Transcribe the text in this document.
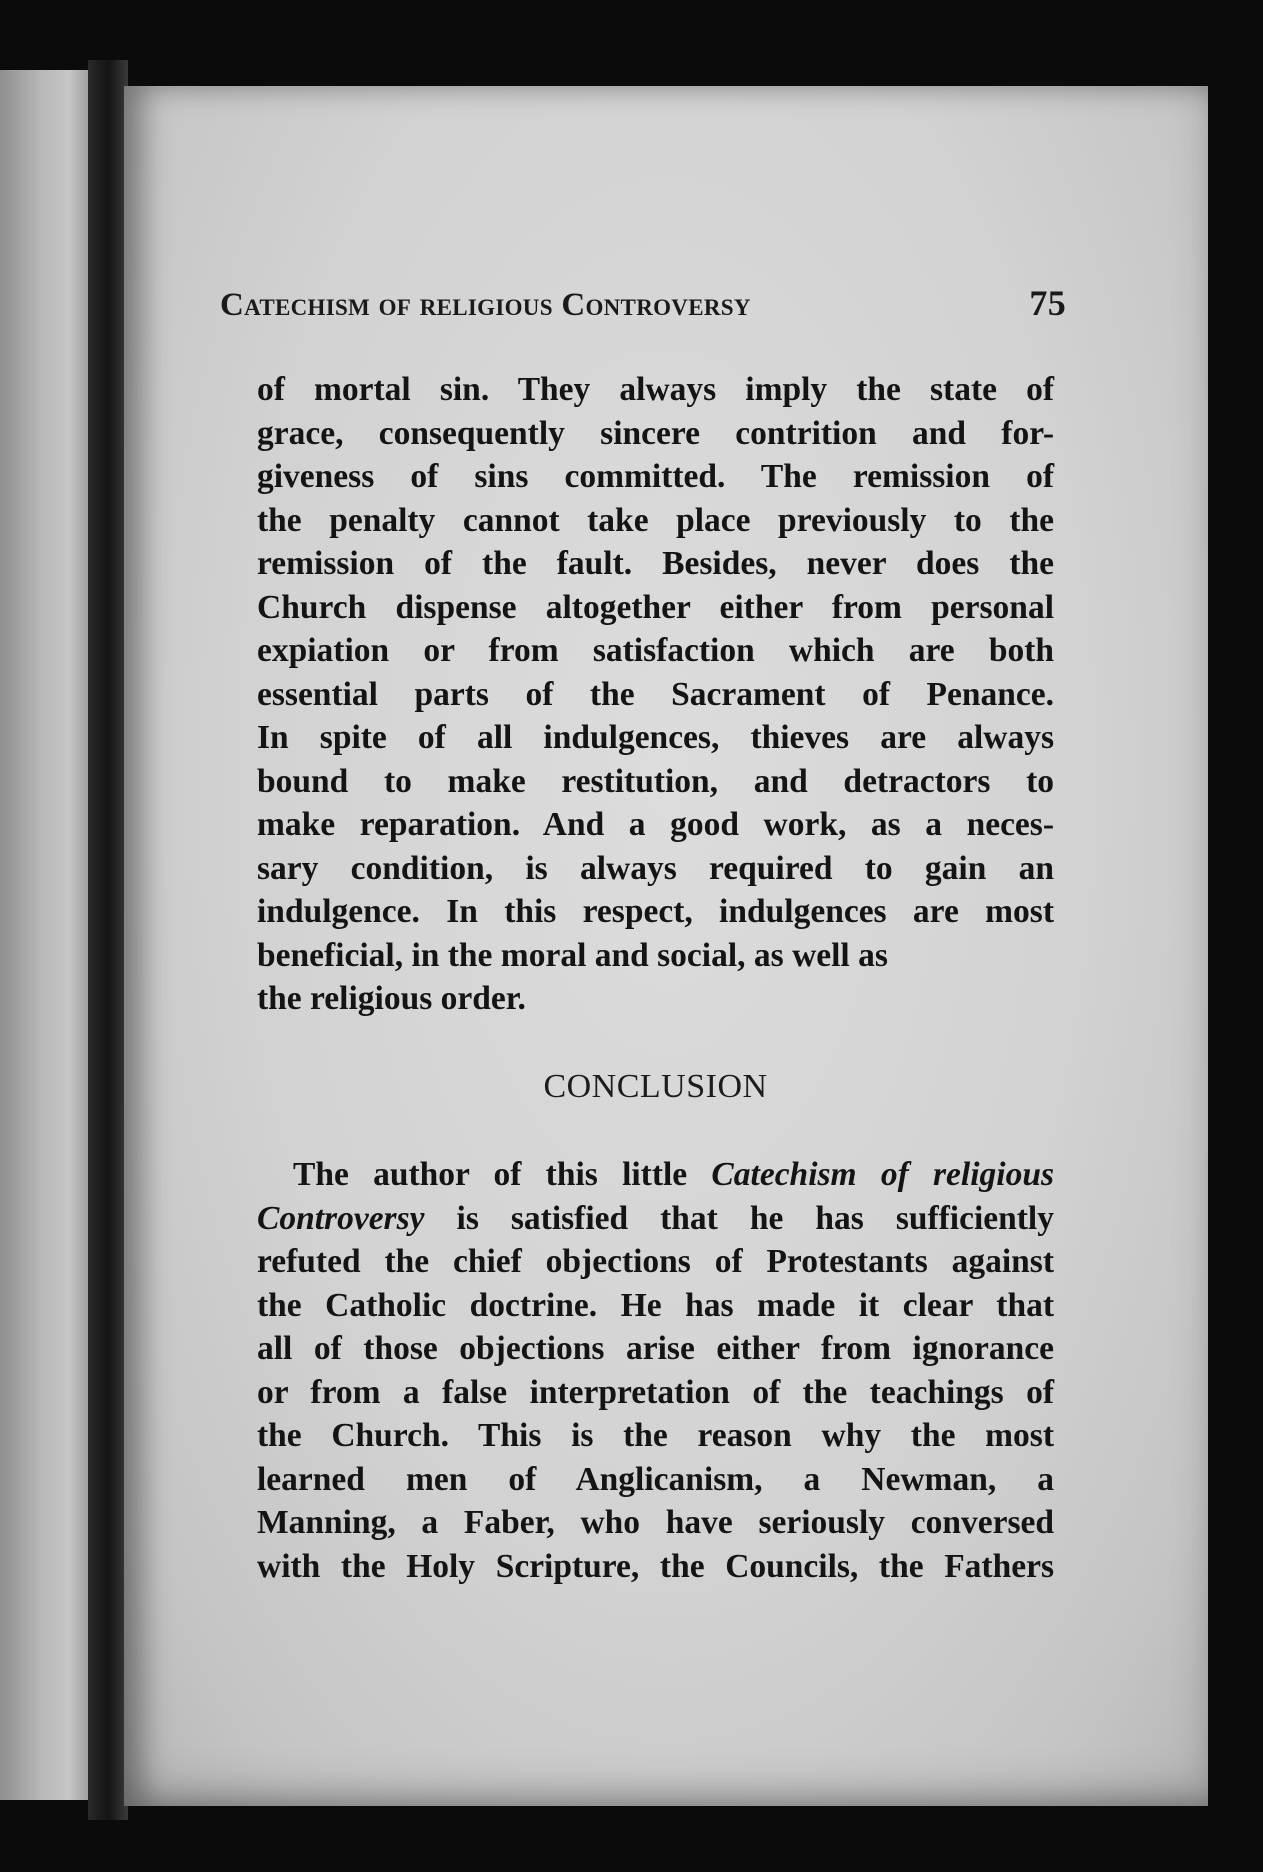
Catechism of religious Controversy	75
of mortal sin. They always imply the state of
grace, consequently sincere contrition and for-
giveness of sins committed. The remission of
the penalty cannot take place previously to the
remission of the fault. Besides, never does the
Church dispense altogether either from personal
expiation or from satisfaction which are both
essential parts of the Sacrament of Penance.
In spite of all indulgences, thieves are always
bound to make restitution, and detractors to
make reparation. And a good work, as a neces-
sary condition, is always required to gain an
indulgence. In this respect, indulgences are most
beneficial, in the moral and social, as well as
the religious order.
CONCLUSION
The author of this little Catechism of religious
Controversy is satisfied that he has sufficiently
refuted the chief objections of Protestants against
the Catholic doctrine. He has made it clear that
all of those objections arise either from ignorance
or from a false interpretation of the teachings of
the Church. This is the reason why the most
learned men of Anglicanism, a Newman, a
Manning, a Faber, who have seriously conversed
with the Holy Scripture, the Councils, the Fathers
